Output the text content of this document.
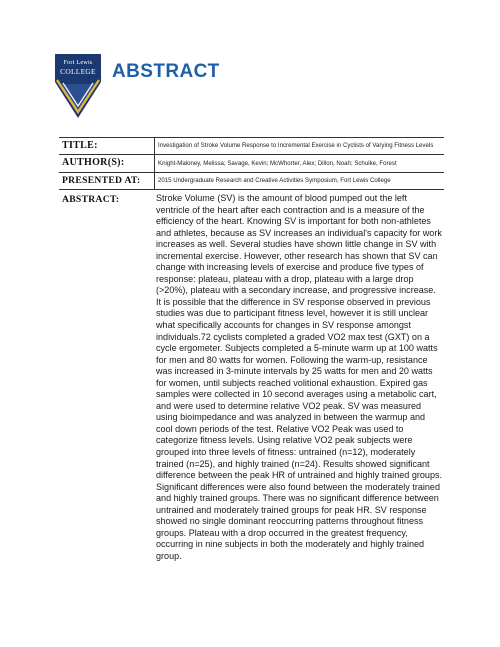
Fort Lewis
COLLEGE ABSTRACT
TITLE:	Investigation of Stroke Volume Response to Incremental Exercise in Cyclists of Varying Fitness Levels
AUTHOR(S):	Knight-Maloney, Melissa; Savage, Kevin; McWhorter, Alex; Dillon, Noah; Schulke, Forest
PRESENTED AT:	2015 Undergraduate Research and Creative Activities Symposium, Fort Lewis College
ABSTRACT:	Stroke Volume (SV) is the amount of blood pumped out the left ventricle of the heart after each contraction and is a measure of the efficiency of the heart. Knowing SV is important for both non-athletes and athletes, because as SV increases an individual's capacity for work increases as well. Several studies have shown little change in SV with incremental exercise. However, other research has shown that SV can change with increasing levels of exercise and produce five types of response: plateau, plateau with a drop, plateau with a large drop (>20%), plateau with a secondary increase, and progressive increase. It is possible that the difference in SV response observed in previous studies was due to participant fitness level, however it is still unclear what specifically accounts for changes in SV response amongst individuals.72 cyclists completed a graded VO2 max test (GXT) on a cycle ergometer. Subjects completed a 5-minute warm up at 100 watts for men and 80 watts for women. Following the warm-up, resistance was increased in 3-minute intervals by 25 watts for men and 20 watts for women, until subjects reached volitional exhaustion. Expired gas samples were collected in 10 second averages using a metabolic cart, and were used to determine relative VO2 peak. SV was measured using bioimpedance and was analyzed in between the warmup and cool down periods of the test. Relative VO2 Peak was used to categorize fitness levels. Using relative VO2 peak subjects were grouped into three levels of fitness: untrained (n=12), moderately trained (n=25), and highly trained (n=24). Results showed significant difference between the peak HR of untrained and highly trained groups. Significant differences were also found between the moderately trained and highly trained groups. There was no significant difference between untrained and moderately trained groups for peak HR. SV response showed no single dominant reoccurring patterns throughout fitness groups. Plateau with a drop occurred in the greatest frequency, occurring in nine subjects in both the moderately and highly trained group.
